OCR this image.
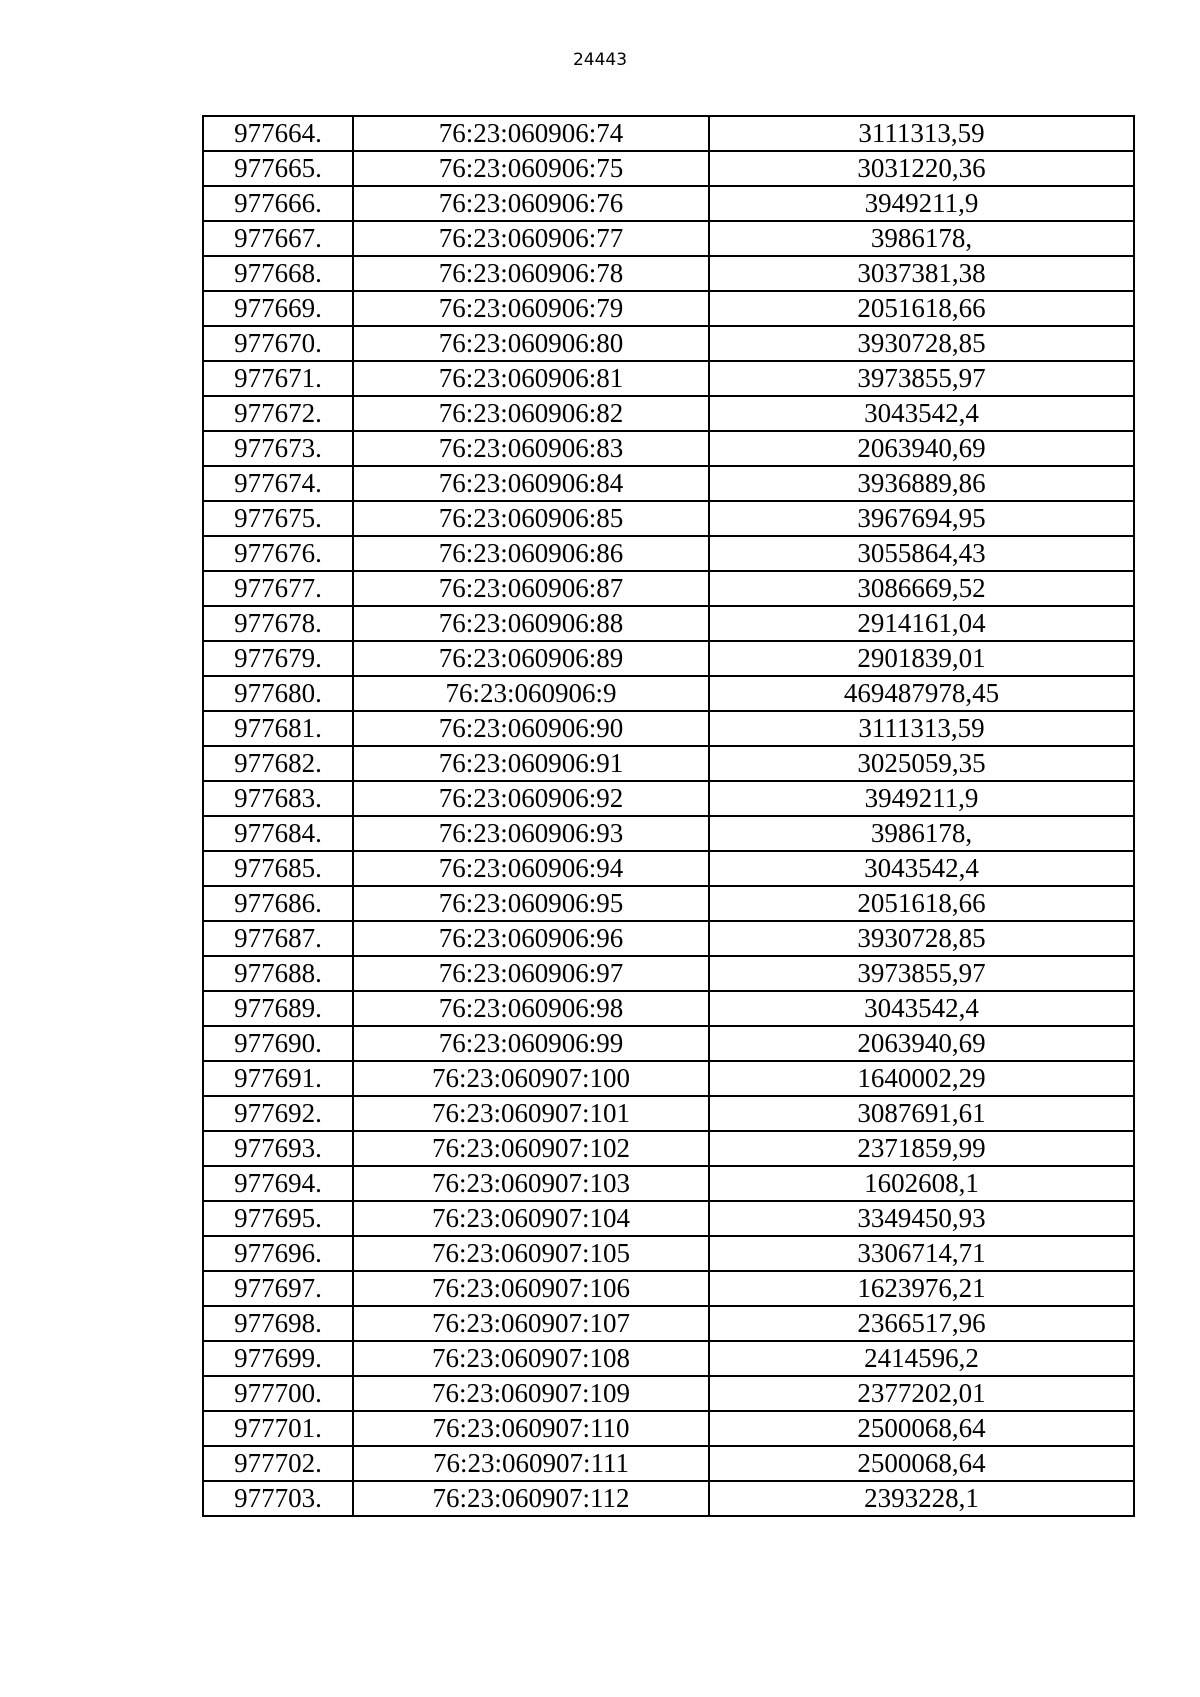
24443
977664.	76:23:060906:74	3111313,59
977665.	76:23:060906:75	3031220,36
977666.	76:23:060906:76	3949211,9
977667.	76:23:060906:77	3986178,
977668.	76:23:060906:78	3037381,38
977669.	76:23:060906:79	2051618,66
977670.	76:23:060906:80	3930728,85
977671.	76:23:060906:81	3973855,97
977672.	76:23:060906:82	3043542,4
977673.	76:23:060906:83	2063940,69
977674.	76:23:060906:84	3936889,86
977675.	76:23:060906:85	3967694,95
977676.	76:23:060906:86	3055864,43
977677.	76:23:060906:87	3086669,52
977678.	76:23:060906:88	2914161,04
977679.	76:23:060906:89	2901839,01
977680.	76:23:060906:9	469487978,45
977681.	76:23:060906:90	3111313,59
977682.	76:23:060906:91	3025059,35
977683.	76:23:060906:92	3949211,9
977684.	76:23:060906:93	3986178,
977685.	76:23:060906:94	3043542,4
977686.	76:23:060906:95	2051618,66
977687.	76:23:060906:96	3930728,85
977688.	76:23:060906:97	3973855,97
977689.	76:23:060906:98	3043542,4
977690.	76:23:060906:99	2063940,69
977691.	76:23:060907:100	1640002,29
977692.	76:23:060907:101	3087691,61
977693.	76:23:060907:102	2371859,99
977694.	76:23:060907:103	1602608,1
977695.	76:23:060907:104	3349450,93
977696.	76:23:060907:105	3306714,71
977697.	76:23:060907:106	1623976,21
977698.	76:23:060907:107	2366517,96
977699.	76:23:060907:108	2414596,2
977700.	76:23:060907:109	2377202,01
977701.	76:23:060907:110	2500068,64
977702.	76:23:060907:111	2500068,64
977703.	76:23:060907:112	2393228,1
